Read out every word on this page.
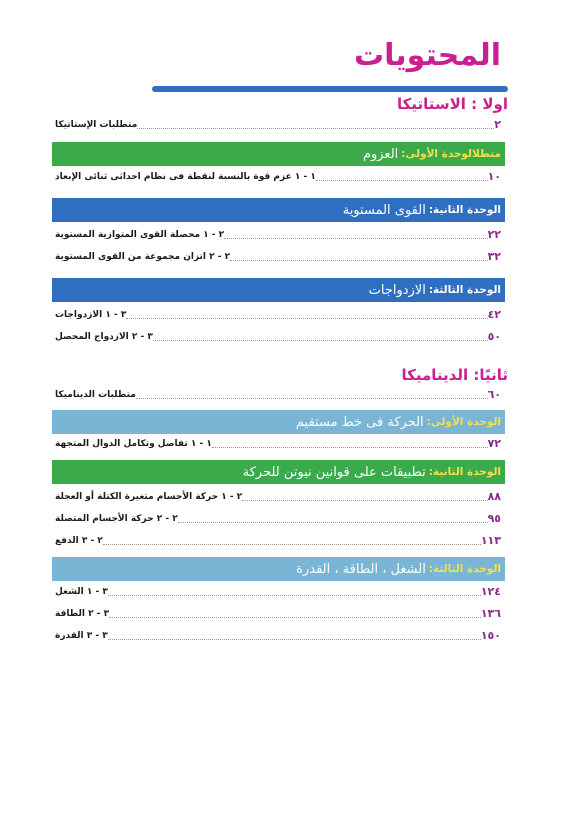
المحتويات
اولا : الاستاتيكا
متطلبات الإستاتيكا	٢
متطلالوحدة الأولى:
العزوم
١ - ١ عزم قوة بالنسبة لنقطة فى نظام احداثى ثنائى الإبعاد	١٠
الوحدة الثانية:
القوى المستوية
٢ - ١ محصلة القوى المتوازية المستوية	٢٢
٢ - ٢ اتزان مجموعة من القوى المستوية	٣٢
الوحدة الثالثة:
الازدواجات
٣ - ١ الازدواجات	٤٢
٣ - ٢ الازدواج المحصل	٥٠
ثانيًا: الديناميكا
متطلبات الديناميكا	٦٠
الوحدة الأولى:
الحركة فى خط مستقيم
١ - ١ تفاضل وتكامل الدوال المتجهة	٧٢
الوحدة الثانية:
تطبيقات على قوانين نيوتن للحركة
٢ - ١ حركة الأجسام متغيرة الكتلة أو العجلة	٨٨
٢ - ٢ حركة الأجسام المتصلة	٩٥
٢ - ٣ الدفع	١١٣
الوحدة الثالثة:
الشغل ، الطاقة ، القدرة
٣ - ١ الشغل	١٢٤
٣ - ٢ الطاقة	١٣٦
٣ - ٣ القدرة	١٥٠
